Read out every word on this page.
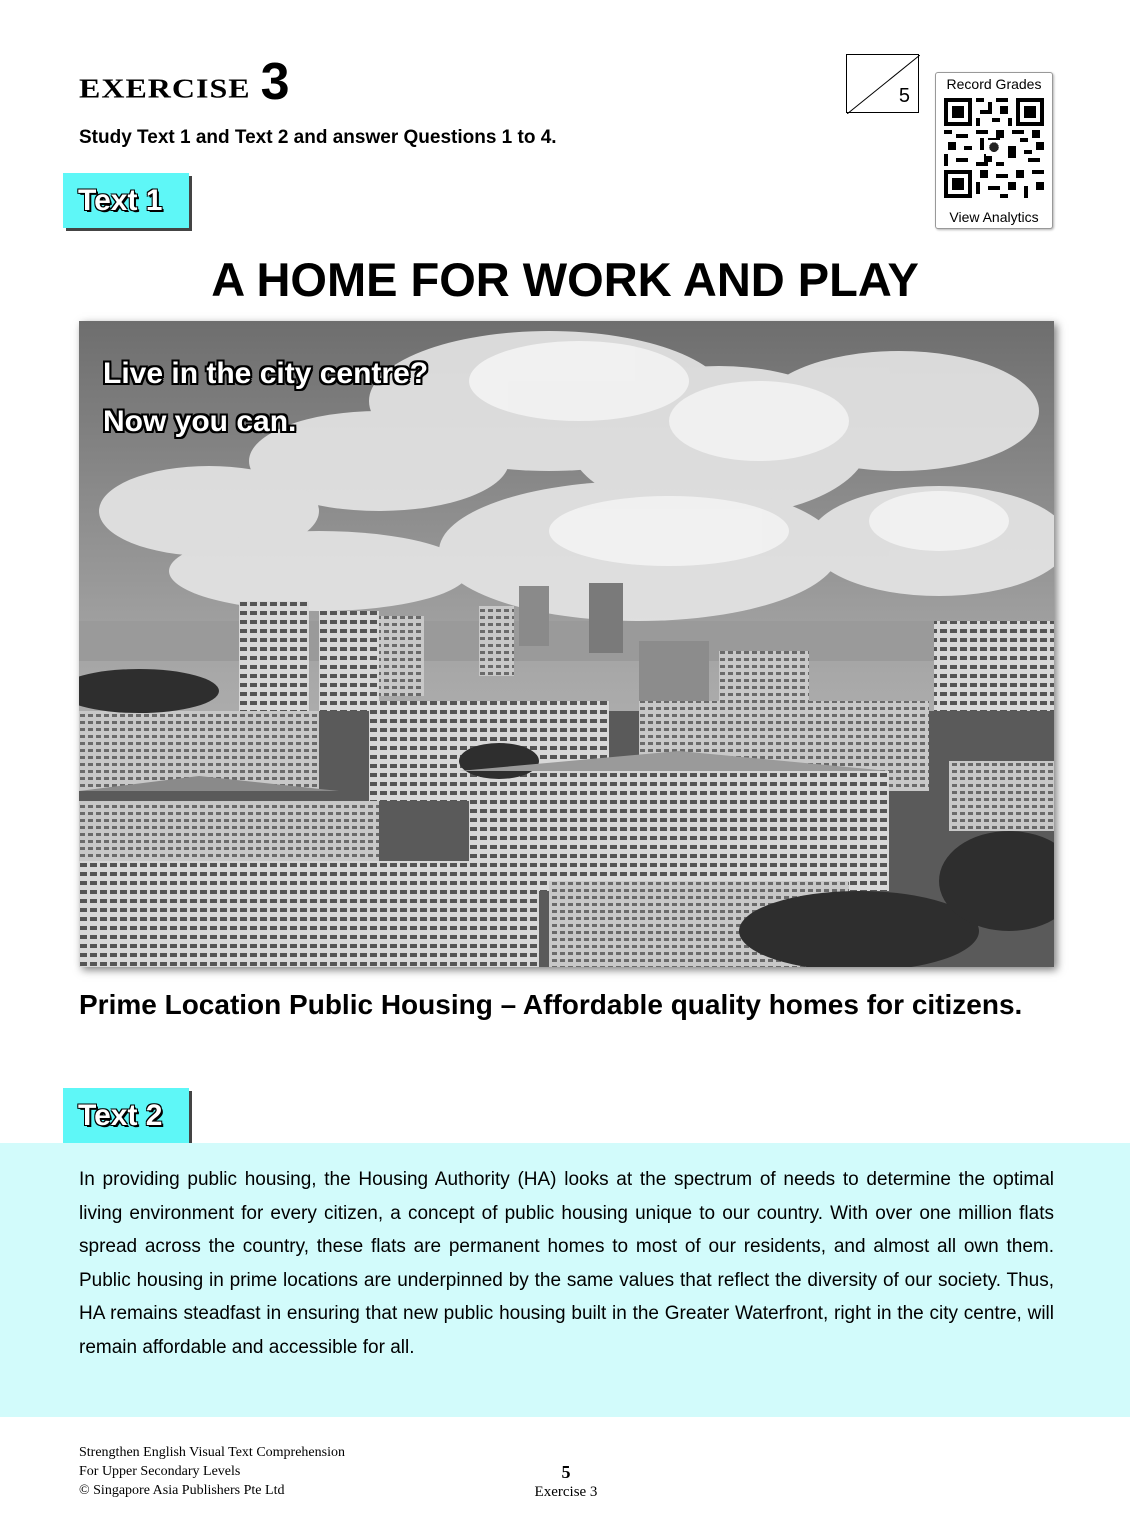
EXERCISE 3
Study Text 1 and Text 2 and answer Questions 1 to 4.
5
Record Grades
View Analytics
Text 1
A HOME FOR WORK AND PLAY
Live in the city centre?
Now you can.
Prime Location Public Housing – Affordable quality homes for citizens.
Text 2
In providing public housing, the Housing Authority (HA) looks at the spectrum of needs to determine the optimal living environment for every citizen, a concept of public housing unique to our country. With over one million flats spread across the country, these flats are permanent homes to most of our residents, and almost all own them. Public housing in prime locations are underpinned by the same values that reflect the diversity of our society. Thus, HA remains steadfast in ensuring that new public housing built in the Greater Waterfront, right in the city centre, will remain affordable and accessible for all.
Strengthen English Visual Text Comprehension
For Upper Secondary Levels
© Singapore Asia Publishers Pte Ltd
5
Exercise 3
